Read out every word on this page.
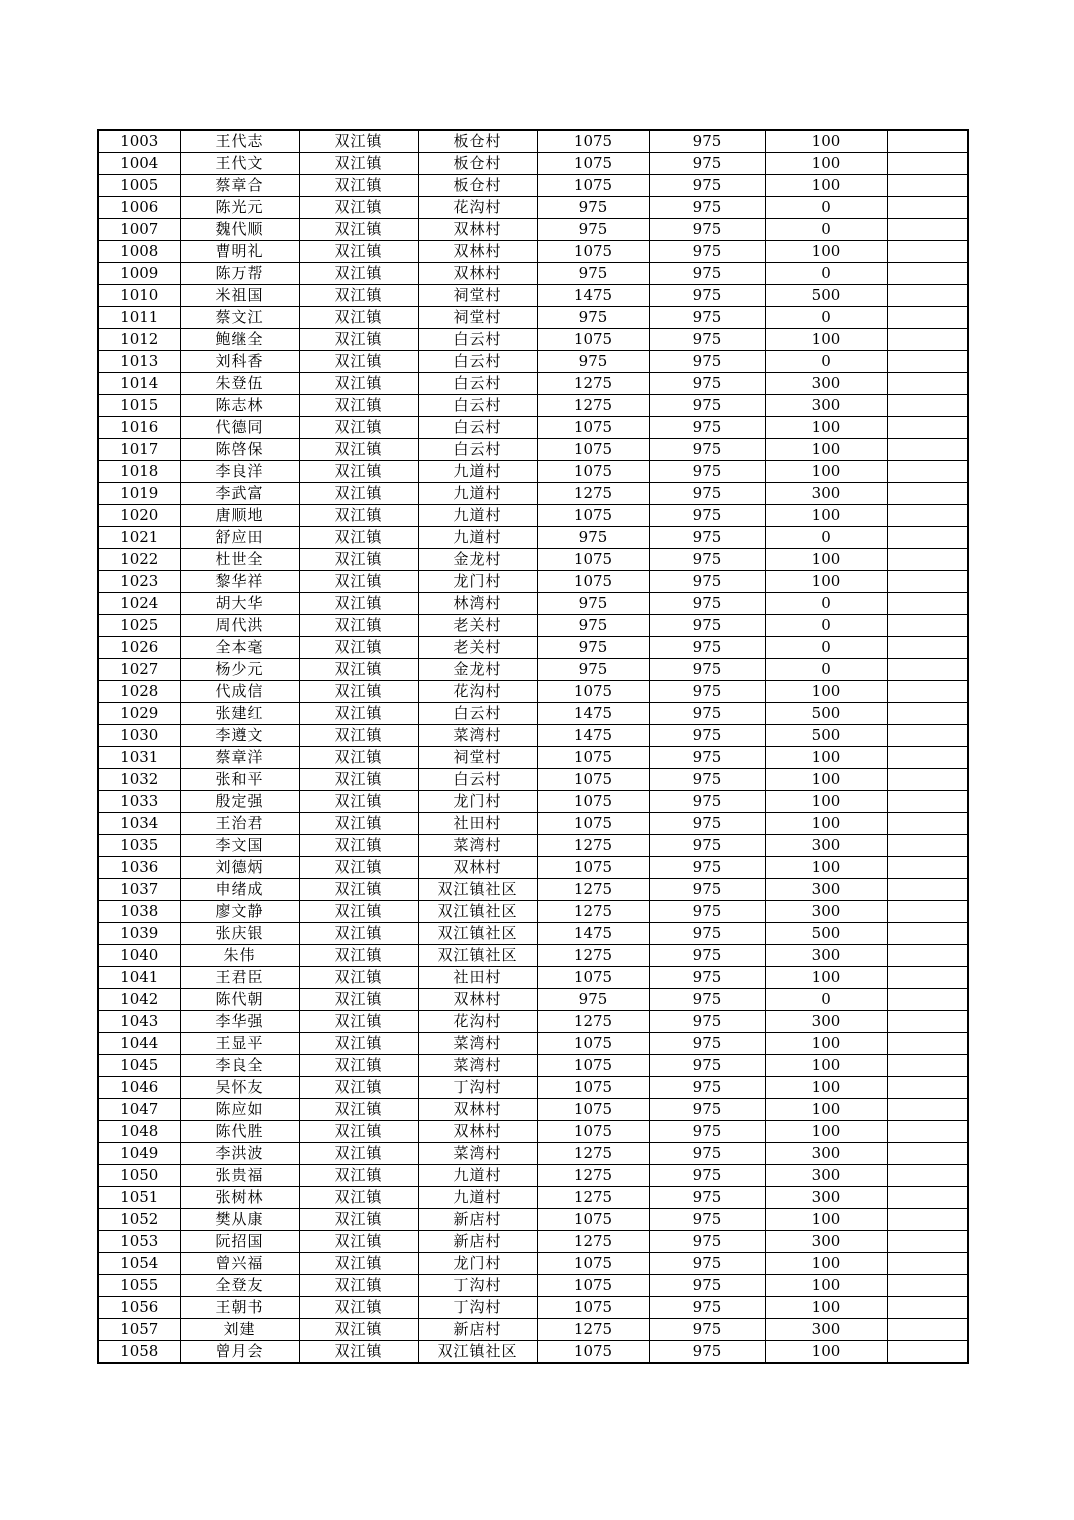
1003	王代志	双江镇	板仓村	1075	975	100	
1004	王代文	双江镇	板仓村	1075	975	100	
1005	蔡章合	双江镇	板仓村	1075	975	100	
1006	陈光元	双江镇	花沟村	975	975	0	
1007	魏代顺	双江镇	双林村	975	975	0	
1008	曹明礼	双江镇	双林村	1075	975	100	
1009	陈万帮	双江镇	双林村	975	975	0	
1010	米祖国	双江镇	祠堂村	1475	975	500	
1011	蔡文江	双江镇	祠堂村	975	975	0	
1012	鲍继全	双江镇	白云村	1075	975	100	
1013	刘科香	双江镇	白云村	975	975	0	
1014	朱登伍	双江镇	白云村	1275	975	300	
1015	陈志林	双江镇	白云村	1275	975	300	
1016	代德同	双江镇	白云村	1075	975	100	
1017	陈啓保	双江镇	白云村	1075	975	100	
1018	李良洋	双江镇	九道村	1075	975	100	
1019	李武富	双江镇	九道村	1275	975	300	
1020	唐顺地	双江镇	九道村	1075	975	100	
1021	舒应田	双江镇	九道村	975	975	0	
1022	杜世全	双江镇	金龙村	1075	975	100	
1023	黎华祥	双江镇	龙门村	1075	975	100	
1024	胡大华	双江镇	林湾村	975	975	0	
1025	周代洪	双江镇	老关村	975	975	0	
1026	全本毫	双江镇	老关村	975	975	0	
1027	杨少元	双江镇	金龙村	975	975	0	
1028	代成信	双江镇	花沟村	1075	975	100	
1029	张建红	双江镇	白云村	1475	975	500	
1030	李遵文	双江镇	菜湾村	1475	975	500	
1031	蔡章洋	双江镇	祠堂村	1075	975	100	
1032	张和平	双江镇	白云村	1075	975	100	
1033	殷定强	双江镇	龙门村	1075	975	100	
1034	王治君	双江镇	社田村	1075	975	100	
1035	李文国	双江镇	菜湾村	1275	975	300	
1036	刘德炳	双江镇	双林村	1075	975	100	
1037	申绪成	双江镇	双江镇社区	1275	975	300	
1038	廖文静	双江镇	双江镇社区	1275	975	300	
1039	张庆银	双江镇	双江镇社区	1475	975	500	
1040	朱伟	双江镇	双江镇社区	1275	975	300	
1041	王君臣	双江镇	社田村	1075	975	100	
1042	陈代朝	双江镇	双林村	975	975	0	
1043	李华强	双江镇	花沟村	1275	975	300	
1044	王显平	双江镇	菜湾村	1075	975	100	
1045	李良全	双江镇	菜湾村	1075	975	100	
1046	吴怀友	双江镇	丁沟村	1075	975	100	
1047	陈应如	双江镇	双林村	1075	975	100	
1048	陈代胜	双江镇	双林村	1075	975	100	
1049	李洪波	双江镇	菜湾村	1275	975	300	
1050	张贵福	双江镇	九道村	1275	975	300	
1051	张树林	双江镇	九道村	1275	975	300	
1052	樊从康	双江镇	新店村	1075	975	100	
1053	阮招国	双江镇	新店村	1275	975	300	
1054	曾兴福	双江镇	龙门村	1075	975	100	
1055	全登友	双江镇	丁沟村	1075	975	100	
1056	王朝书	双江镇	丁沟村	1075	975	100	
1057	刘建	双江镇	新店村	1275	975	300	
1058	曾月会	双江镇	双江镇社区	1075	975	100	
